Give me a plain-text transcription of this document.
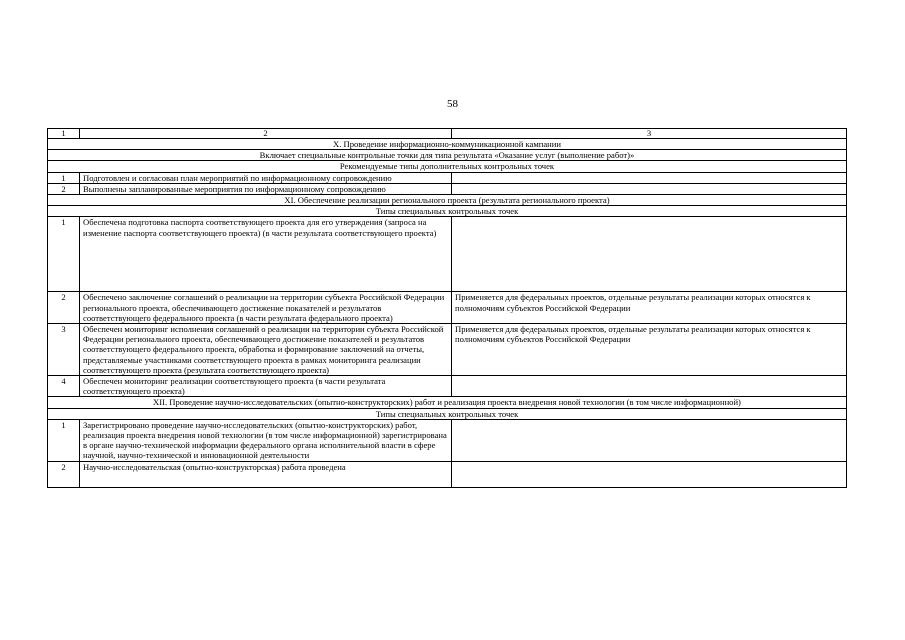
58
1	2	3
X. Проведение информационно-коммуникационной кампании		
Включает специальные контрольные точки для типа результата «Оказание услуг (выполнение работ)»		
Рекомендуемые типы дополнительных контрольных точек		
1	Подготовлен и согласован план мероприятий по информационному сопровождению	
2	Выполнены запланированные мероприятия по информационному сопровождению	
XI. Обеспечение реализации регионального проекта (результата регионального проекта)		
Типы специальных контрольных точек		
1	Обеспечена подготовка паспорта соответствующего проекта для его утверждения (запроса на изменение паспорта соответствующего проекта) (в части результата соответствующего проекта)	
2	Обеспечено заключение соглашений о реализации на территории субъекта Российской Федерации регионального проекта, обеспечивающего достижение показателей и результатов соответствующего федерального проекта (в части результата федерального проекта)	Применяется для федеральных проектов, отдельные результаты реализации которых относятся к полномочиям субъектов Российской Федерации
3	Обеспечен мониторинг исполнения соглашений о реализации на территории субъекта Российской Федерации регионального проекта, обеспечивающего достижение показателей и результатов соответствующего федерального проекта, обработка и формирование заключений на отчеты, представляемые участниками соответствующего проекта в рамках мониторинга реализации соответствующего проекта (результата соответствующего проекта)	Применяется для федеральных проектов, отдельные результаты реализации которых относятся к полномочиям субъектов Российской Федерации
4	Обеспечен мониторинг реализации соответствующего проекта (в части результата соответствующего проекта)	
XII. Проведение научно-исследовательских (опытно-конструкторских) работ и реализация проекта внедрения новой технологии (в том числе информационной)		
Типы специальных контрольных точек		
1	Зарегистрировано проведение научно-исследовательских (опытно-конструкторских) работ, реализация проекта внедрения новой технологии (в том числе информационной) зарегистрирована в органе научно-технической информации федерального органа исполнительной власти в сфере научной, научно-технической и инновационной деятельности	
2	Научно-исследовательская (опытно-конструкторская) работа проведена	
